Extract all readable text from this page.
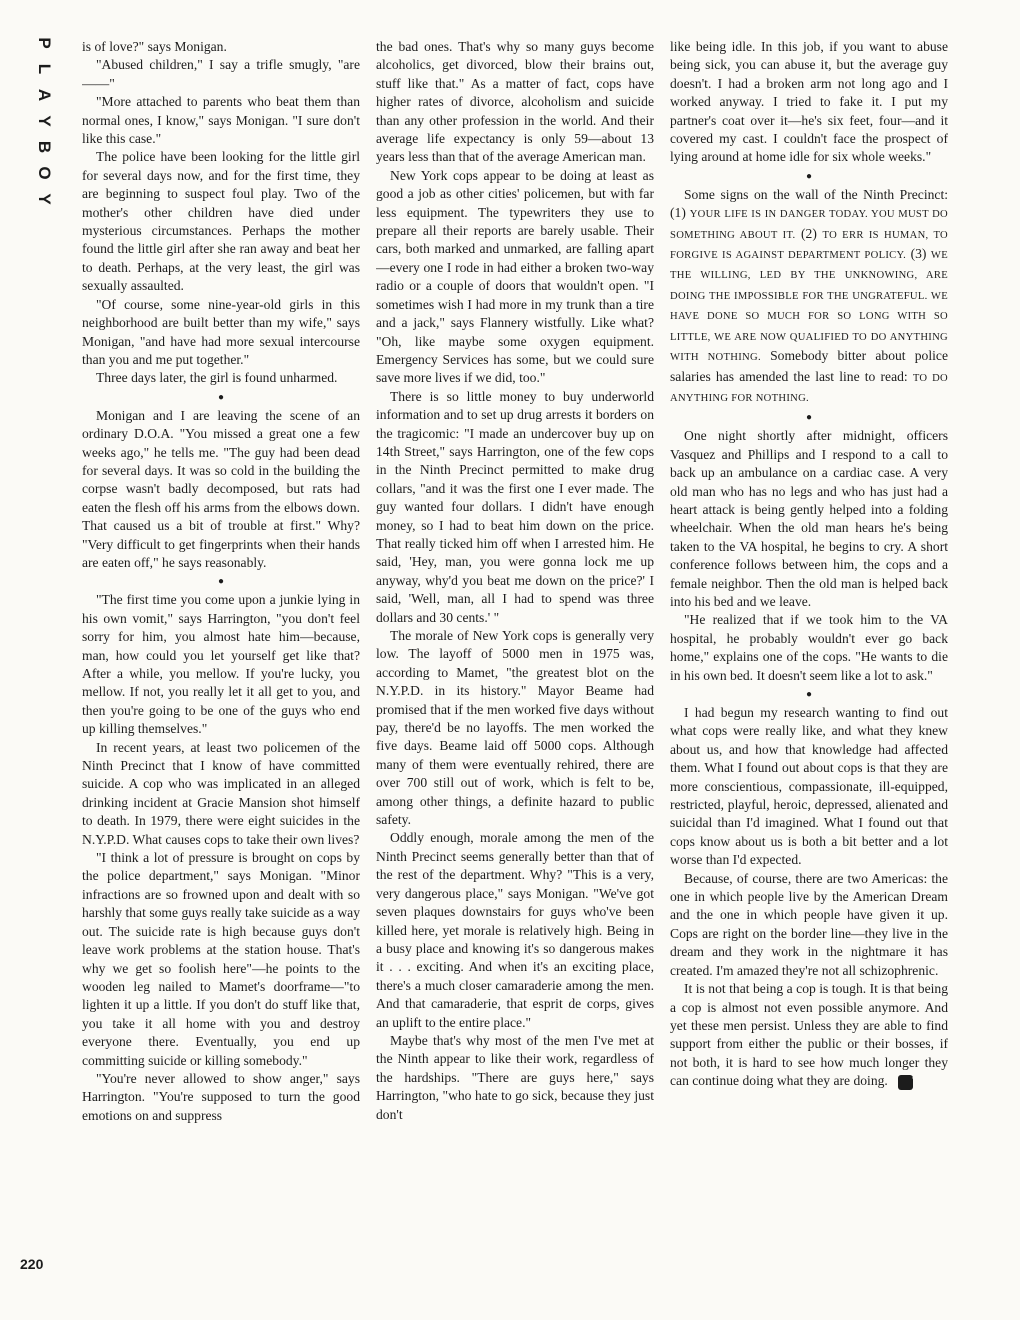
P
L
A
Y
B
O
Y
220

is of love?" says Monigan.

"Abused children," I say a trifle smugly, "are——"

"More attached to parents who beat them than normal ones, I know," says Monigan. "I sure don't like this case."

The police have been looking for the little girl for several days now, and for the first time, they are beginning to suspect foul play. Two of the mother's other children have died under mysterious circumstances. Perhaps the mother found the little girl after she ran away and beat her to death. Perhaps, at the very least, the girl was sexually assaulted.

"Of course, some nine-year-old girls in this neighborhood are built better than my wife," says Monigan, "and have had more sexual intercourse than you and me put together."

Three days later, the girl is found unharmed.

●

Monigan and I are leaving the scene of an ordinary D.O.A. "You missed a great one a few weeks ago," he tells me. "The guy had been dead for several days. It was so cold in the building the corpse wasn't badly decomposed, but rats had eaten the flesh off his arms from the elbows down. That caused us a bit of trouble at first." Why? "Very difficult to get fingerprints when their hands are eaten off," he says reasonably.

●

"The first time you come upon a junkie lying in his own vomit," says Harrington, "you don't feel sorry for him, you almost hate him—because, man, how could you let yourself get like that? After a while, you mellow. If you're lucky, you mellow. If not, you really let it all get to you, and then you're going to be one of the guys who end up killing themselves."

In recent years, at least two policemen of the Ninth Precinct that I know of have committed suicide. A cop who was implicated in an alleged drinking incident at Gracie Mansion shot himself to death. In 1979, there were eight suicides in the N.Y.P.D. What causes cops to take their own lives?

"I think a lot of pressure is brought on cops by the police department," says Monigan. "Minor infractions are so frowned upon and dealt with so harshly that some guys really take suicide as a way out. The suicide rate is high because guys don't leave work problems at the station house. That's why we get so foolish here"—he points to the wooden leg nailed to Mamet's doorframe—"to lighten it up a little. If you don't do stuff like that, you take it all home with you and destroy everyone there. Eventually, you end up committing suicide or killing somebody."

"You're never allowed to show anger," says Harrington. "You're supposed to turn the good emotions on and suppress

the bad ones. That's why so many guys become alcoholics, get divorced, blow their brains out, stuff like that." As a matter of fact, cops have higher rates of divorce, alcoholism and suicide than any other profession in the world. And their average life expectancy is only 59—about 13 years less than that of the average American man.

New York cops appear to be doing at least as good a job as other cities' policemen, but with far less equipment. The typewriters they use to prepare all their reports are barely usable. Their cars, both marked and unmarked, are falling apart—every one I rode in had either a broken two-way radio or a couple of doors that wouldn't open. "I sometimes wish I had more in my trunk than a tire and a jack," says Flannery wistfully. Like what? "Oh, like maybe some oxygen equipment. Emergency Services has some, but we could sure save more lives if we did, too."

There is so little money to buy underworld information and to set up drug arrests it borders on the tragicomic: "I made an undercover buy up on 14th Street," says Harrington, one of the few cops in the Ninth Precinct permitted to make drug collars, "and it was the first one I ever made. The guy wanted four dollars. I didn't have enough money, so I had to beat him down on the price. That really ticked him off when I arrested him. He said, 'Hey, man, you were gonna lock me up anyway, why'd you beat me down on the price?' I said, 'Well, man, all I had to spend was three dollars and 30 cents.' "

The morale of New York cops is generally very low. The layoff of 5000 men in 1975 was, according to Mamet, "the greatest blot on the N.Y.P.D. in its history." Mayor Beame had promised that if the men worked five days without pay, there'd be no layoffs. The men worked the five days. Beame laid off 5000 cops. Although many of them were eventually rehired, there are over 700 still out of work, which is felt to be, among other things, a definite hazard to public safety.

Oddly enough, morale among the men of the Ninth Precinct seems generally better than that of the rest of the department. Why? "This is a very, very dangerous place," says Monigan. "We've got seven plaques downstairs for guys who've been killed here, yet morale is relatively high. Being in a busy place and knowing it's so dangerous makes it . . . exciting. And when it's an exciting place, there's a much closer camaraderie among the men. And that camaraderie, that esprit de corps, gives an uplift to the entire place."

Maybe that's why most of the men I've met at the Ninth appear to like their work, regardless of the hardships. "There are guys here," says Harrington, "who hate to go sick, because they just don't

like being idle. In this job, if you want to abuse being sick, you can abuse it, but the average guy doesn't. I had a broken arm not long ago and I worked anyway. I tried to fake it. I put my partner's coat over it—he's six feet, four—and it covered my cast. I couldn't face the prospect of lying around at home idle for six whole weeks."

●

Some signs on the wall of the Ninth Precinct: (1) YOUR LIFE IS IN DANGER TODAY. YOU MUST DO SOMETHING ABOUT IT. (2) TO ERR IS HUMAN, TO FORGIVE IS AGAINST DEPARTMENT POLICY. (3) WE THE WILLING, LED BY THE UNKNOWING, ARE DOING THE IMPOSSIBLE FOR THE UNGRATEFUL. WE HAVE DONE SO MUCH FOR SO LONG WITH SO LITTLE, WE ARE NOW QUALIFIED TO DO ANYTHING WITH NOTHING. Somebody bitter about police salaries has amended the last line to read: TO DO ANYTHING FOR NOTHING.

●

One night shortly after midnight, officers Vasquez and Phillips and I respond to a call to back up an ambulance on a cardiac case. A very old man who has no legs and who has just had a heart attack is being gently helped into a folding wheelchair. When the old man hears he's being taken to the VA hospital, he begins to cry. A short conference follows between him, the cops and a female neighbor. Then the old man is helped back into his bed and we leave.

"He realized that if we took him to the VA hospital, he probably wouldn't ever go back home," explains one of the cops. "He wants to die in his own bed. It doesn't seem like a lot to ask."

●

I had begun my research wanting to find out what cops were really like, and what they knew about us, and how that knowledge had affected them. What I found out about cops is that they are more conscientious, compassionate, ill-equipped, restricted, playful, heroic, depressed, alienated and suicidal than I'd imagined. What I found out that cops know about us is both a bit better and a lot worse than I'd expected.

Because, of course, there are two Americas: the one in which people live by the American Dream and the one in which people have given it up. Cops are right on the border line—they live in the dream and they work in the nightmare it has created. I'm amazed they're not all schizophrenic.

It is not that being a cop is tough. It is that being a cop is almost not even possible anymore. And yet these men persist. Unless they are able to find support from either the public or their bosses, if not both, it is hard to see how much longer they can continue doing what they are doing. Y
